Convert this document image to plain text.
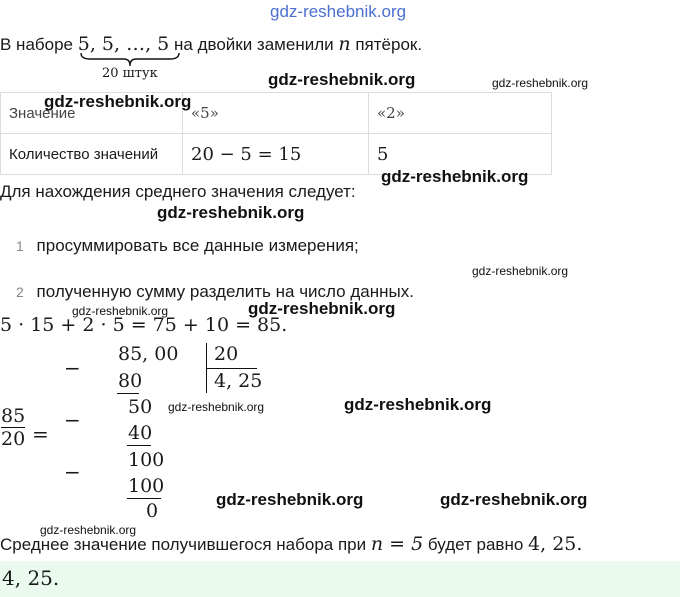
gdz-reshebnik.org
В наборе 5, 5, …, 5 на двойки заменили n пятёрок.
20 штук
Значение	«5»	«2»
Количество значений	20 − 5 = 15	5
Для нахождения среднего значения следует:
1 просуммировать все данные измерения;
2 полученную сумму разделить на число данных.
5 · 15 + 2 · 5 = 75 + 10 = 85.
−
85, 00
80
20
4, 25
50
−
40
100
−
100
0
$\frac{85}{20}$ =
Среднее значение получившегося набора при n = 5 будет равно 4, 25.
4, 25.
gdz-reshebnik.org	gdz-reshebnik.org
gdz-reshebnik.org
gdz-reshebnik.org
gdz-reshebnik.org
gdz-reshebnik.org
gdz-reshebnik.org
gdz-reshebnik.org
gdz-reshebnik.org	gdz-reshebnik.org
gdz-reshebnik.org	gdz-reshebnik.org
gdz-reshebnik.org
